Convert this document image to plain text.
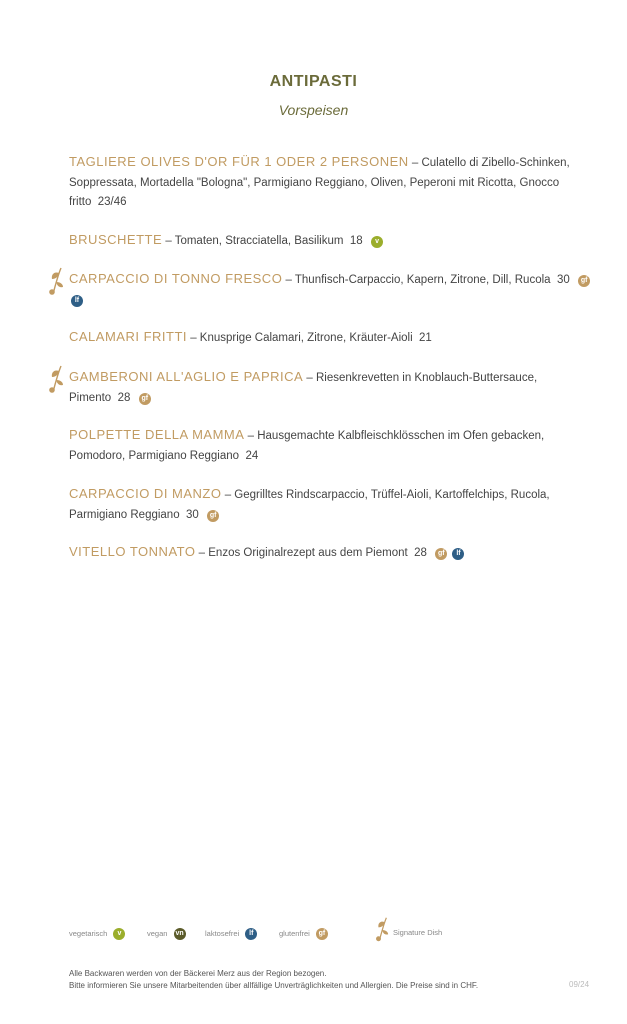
ANTIPASTI
Vorspeisen
TAGLIERE OLIVES D'OR FÜR 1 ODER 2 PERSONEN – Culatello di Zibello-Schinken, Soppressata, Mortadella "Bologna", Parmigiano Reggiano, Oliven, Peperoni mit Ricotta, Gnocco fritto 23/46
BRUSCHETTE – Tomaten, Stracciatella, Basilikum 18 v
CARPACCIO DI TONNO FRESCO – Thunfisch-Carpaccio, Kapern, Zitrone, Dill, Rucola 30 gf lf
CALAMARI FRITTI – Knusprige Calamari, Zitrone, Kräuter-Aioli 21
GAMBERONI ALL'AGLIO E PAPRICA – Riesenkrevetten in Knoblauch-Buttersauce, Pimento 28 gf
POLPETTE DELLA MAMMA – Hausgemachte Kalbfleischklösschen im Ofen gebacken, Pomodoro, Parmigiano Reggiano 24
CARPACCIO DI MANZO – Gegrilltes Rindscarpaccio, Trüffel-Aioli, Kartoffelchips, Rucola, Parmigiano Reggiano 30 gf
VITELLO TONNATO – Enzos Originalrezept aus dem Piemont 28 gf lf
vegetarisch v	vegan vn	laktosefrei lf	glutenfrei gf	Signature Dish
Alle Backwaren werden von der Bäckerei Merz aus der Region bezogen.
Bitte informieren Sie unsere Mitarbeitenden über allfällige Unverträglichkeiten und Allergien. Die Preise sind in CHF.	09/24
